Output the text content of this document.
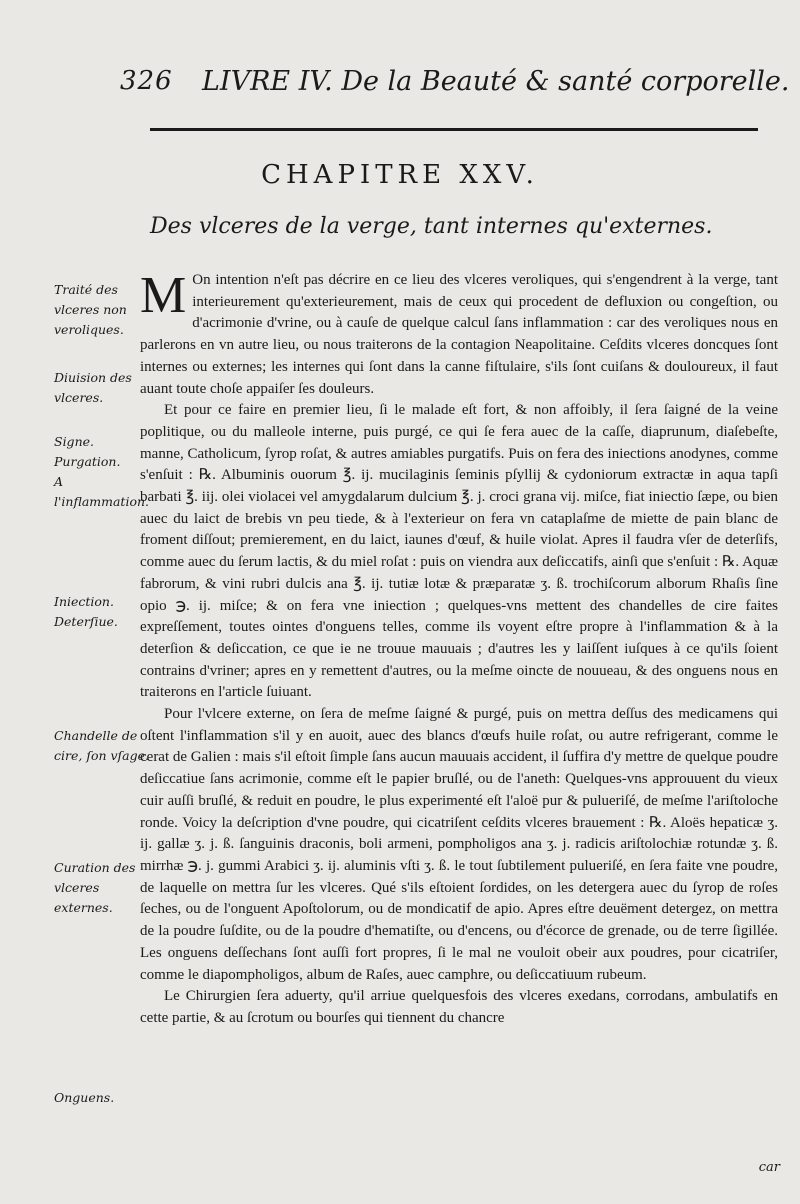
326 LIVRE IV. De la Beauté & santé corporelle.
CHAPITRE XXV.
Des vlceres de la verge, tant internes qu'externes.
Traité des vlceres non veroliques.
Diuision des vlceres.
Signe.
Purgation.
A l'inflammation.
Iniection.
Deterſiue.
Chandelle de cire, ſon vſage.
Curation des vlceres externes.
Onguens.

M On intention n'eſt pas décrire en ce lieu des vlceres veroliques, qui s'engendrent à la verge, tant interieurement qu'exterieurement, mais de ceux qui procedent de defluxion ou congeſtion, ou d'acrimonie d'vrine, ou à cauſe de quelque calcul ſans inflammation : car des veroliques nous en parlerons en vn autre lieu, ou nous traiterons de la contagion Neapolitaine. Ceſdits vlceres doncques ſont internes ou externes; les internes qui ſont dans la canne fiſtulaire, s'ils ſont cuiſans & douloureux, il faut auant toute choſe appaiſer ſes douleurs.

Et pour ce faire en premier lieu, ſi le malade eſt fort, & non affoibly, il ſera ſaigné de la veine poplitique, ou du malleole interne, puis purgé, ce qui ſe fera auec de la caſſe, diaprunum, diaſebeſte, manne, Catholicum, ſyrop roſat, & autres amiables purgatifs. Puis on fera des iniections anodynes, comme s'enſuit : ℞. Albuminis ouorum ℥. ij. mucilaginis ſeminis pſyllij & cydoniorum extractæ in aqua tapſi barbati ℥. iij. olei violacei vel amygdalarum dulcium ℥. j. croci grana vij. miſce, fiat iniectio ſæpe, ou bien auec du laict de brebis vn peu tiede, & à l'exterieur on fera vn cataplaſme de miette de pain blanc de froment diſſout; premierement, en du laict, iaunes d'œuf, & huile violat. Apres il faudra vſer de deterſifs, comme auec du ſerum lactis, & du miel roſat : puis on viendra aux deſiccatifs, ainſi que s'enſuit : ℞. Aquæ fabrorum, & vini rubri dulcis ana ℥. ij. tutiæ lotæ & præparatæ ʒ. ß. trochiſcorum alborum Rhaſis ſine opio ℈. ij. miſce; & on fera vne iniection ; quelques-vns mettent des chandelles de cire faites expreſſement, toutes ointes d'onguens telles, comme ils voyent eſtre propre à l'inflammation & à la deterſion & deſiccation, ce que ie ne trouue mauuais ; d'autres les y laiſſent iuſques à ce qu'ils ſoient contrains d'vriner; apres en y remettent d'autres, ou la meſme oincte de nouueau, & des onguens nous en traiterons en l'article ſuiuant.

Pour l'vlcere externe, on ſera de meſme ſaigné & purgé, puis on mettra deſſus des medicamens qui oſtent l'inflammation s'il y en auoit, auec des blancs d'œufs huile roſat, ou autre refrigerant, comme le cerat de Galien : mais s'il eſtoit ſimple ſans aucun mauuais accident, il ſuffira d'y mettre de quelque poudre deſiccatiue ſans acrimonie, comme eſt le papier bruſlé, ou de l'aneth: Quelques-vns approuuent du vieux cuir auſſi bruſlé, & reduit en poudre, le plus experimenté eſt l'aloë pur & pulueriſé, de meſme l'ariſtoloche ronde. Voicy la deſcription d'vne poudre, qui cicatriſent ceſdits vlceres brauement : ℞. Aloës hepaticæ ʒ. ij. gallæ ʒ. j. ß. ſanguinis draconis, boli armeni, pompholigos ana ʒ. j. radicis ariſtolochiæ rotundæ ʒ. ß. mirrhæ ℈. j. gummi Arabici ʒ. ij. aluminis vſti ʒ. ß. le tout ſubtilement pulueriſé, en ſera faite vne poudre, de laquelle on mettra ſur les vlceres. Qué s'ils eſtoient ſordides, on les detergera auec du ſyrop de roſes ſeches, ou de l'onguent Apoſtolorum, ou de mondicatif de apio. Apres eſtre deuëment detergez, on mettra de la poudre ſuſdite, ou de la poudre d'hematiſte, ou d'encens, ou d'écorce de grenade, ou de terre ſigillée. Les onguens deſſechans ſont auſſi fort propres, ſi le mal ne vouloit obeir aux poudres, pour cicatriſer, comme le diapompholigos, album de Raſes, auec camphre, ou deſiccatiuum rubeum.

Le Chirurgien ſera aduerty, qu'il arriue quelquesfois des vlceres exedans, corrodans, ambulatifs en cette partie, & au ſcrotum ou bourſes qui tiennent du chancre

car
